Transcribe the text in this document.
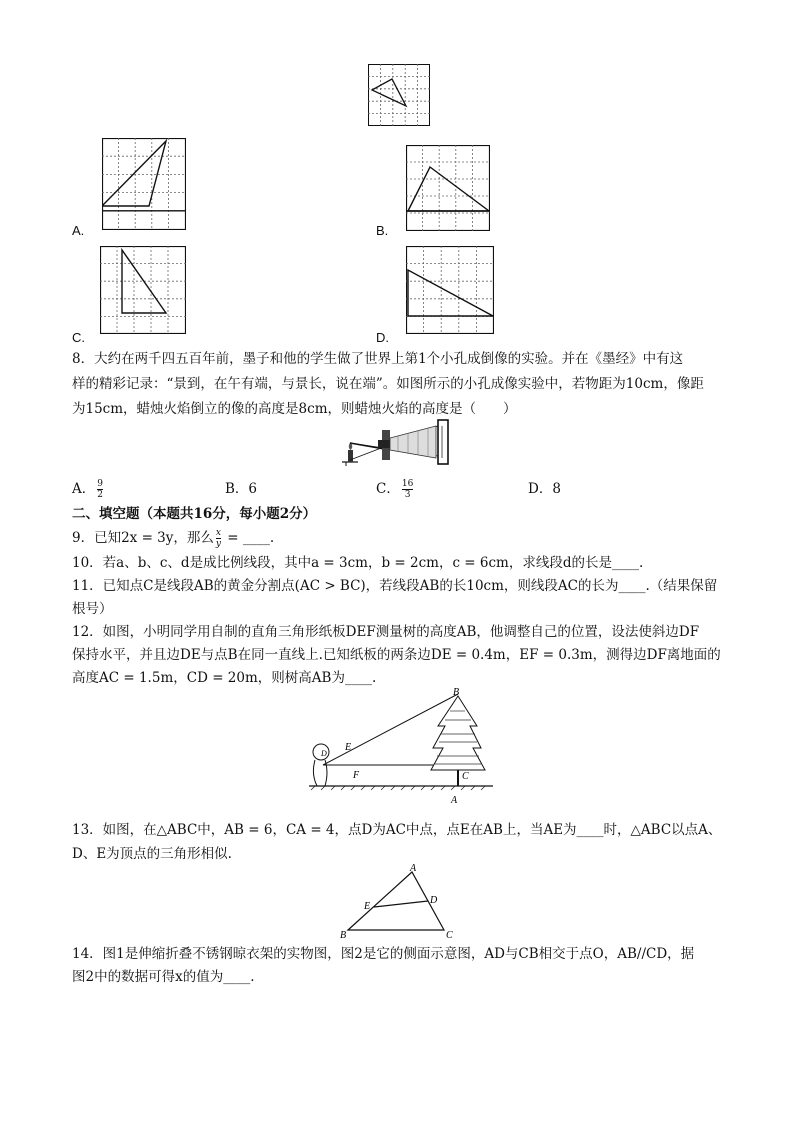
A.	B.
C.	D.
8．大约在两千四五百年前，墨子和他的学生做了世界上第1个小孔成倒像的实验。并在《墨经》中有这
样的精彩记录：“景到，在午有端，与景长，说在端”。如图所示的小孔成像实验中，若物距为10cm，像距
为15cm，蜡烛火焰倒立的像的高度是8cm，则蜡烛火焰的高度是（　　）
A． $\frac{9}{2}$	B．6	C． $\frac{16}{3}$	D．8
二、填空题（本题共16分，每小题2分）
9．已知2x = 3y，那么 $\frac{x}{y}$ = ____.
10．若a、b、c、d是成比例线段，其中a = 3cm，b = 2cm，c = 6cm，求线段d的长是____.
11．已知点C是线段AB的黄金分割点(AC > BC)，若线段AB的长10cm，则线段AC的长为____.（结果保留
根号）
12．如图，小明同学用自制的直角三角形纸板DEF测量树的高度AB，他调整自己的位置，设法使斜边DF
保持水平，并且边DE与点B在同一直线上.已知纸板的两条边DE = 0.4m，EF = 0.3m，测得边DF离地面的
高度AC = 1.5m，CD = 20m，则树高AB为____.
B
E
D
F	C
A
13．如图，在△ABC中，AB = 6，CA = 4，点D为AC中点，点E在AB上，当AE为____时，△ABC以点A、
D、E为顶点的三角形相似.
A
B	C
D
E
14．图1是伸缩折叠不锈钢晾衣架的实物图，图2是它的侧面示意图，AD与CB相交于点O，AB//CD，据
图2中的数据可得x的值为____.
